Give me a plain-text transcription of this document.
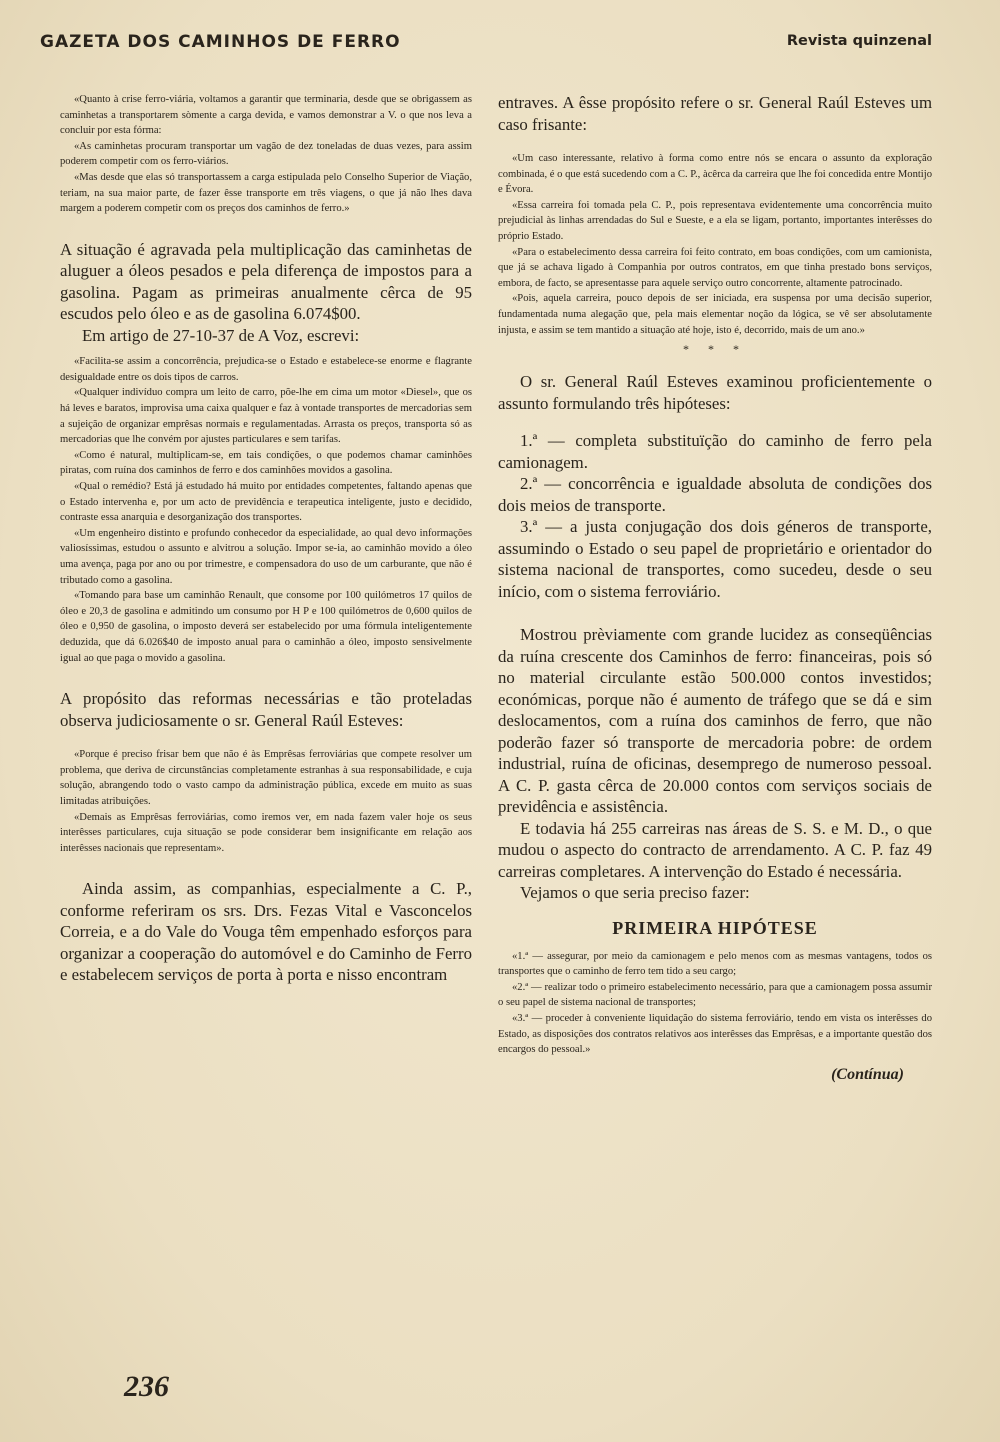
GAZETA DOS CAMINHOS DE FERRO	Revista quinzenal

«Quanto à crise ferro-viária, voltamos a garantir que terminaria, desde que se obrigassem as caminhetas a transportarem sòmente a carga devida, e vamos demonstrar a V. o que nos leva a concluir por esta fórma:

«As caminhetas procuram transportar um vagão de dez toneladas de duas vezes, para assim poderem competir com os ferro-viários.

«Mas desde que elas só transportassem a carga estipulada pelo Conselho Superior de Viação, teriam, na sua maior parte, de fazer êsse transporte em três viagens, o que já não lhes dava margem a poderem competir com os preços dos caminhos de ferro.»

A situação é agravada pela multiplicação das caminhetas de aluguer a óleos pesados e pela diferença de impostos para a gasolina. Pagam as primeiras anualmente cêrca de 95 escudos pelo óleo e as de gasolina 6.074$00.

Em artigo de 27-10-37 de A Voz, escrevi:

«Facilita-se assim a concorrência, prejudica-se o Estado e estabelece-se enorme e flagrante desigualdade entre os dois tipos de carros.

«Qualquer indivíduo compra um leito de carro, põe-lhe em cima um motor «Diesel», que os há leves e baratos, improvisa uma caixa qualquer e faz à vontade transportes de mercadorias sem a sujeição de organizar emprêsas normais e regulamentadas. Arrasta os preços, transporta só as mercadorias que lhe convém por ajustes particulares e sem tarifas.

«Como é natural, multiplicam-se, em tais condições, o que podemos chamar caminhões piratas, com ruína dos caminhos de ferro e dos caminhões movidos a gasolina.

«Qual o remédio? Está já estudado há muito por entidades competentes, faltando apenas que o Estado intervenha e, por um acto de previdência e terapeutica inteligente, justo e decidido, contraste essa anarquia e desorganização dos transportes.

«Um engenheiro distinto e profundo conhecedor da especialidade, ao qual devo informações valiosíssimas, estudou o assunto e alvitrou a solução. Impor se-ia, ao caminhão movido a óleo uma avença, paga por ano ou por trimestre, e compensadora do uso de um carburante, que não é tributado como a gasolina.

«Tomando para base um caminhão Renault, que consome por 100 quilómetros 17 quilos de óleo e 20,3 de gasolina e admitindo um consumo por H P e 100 quilómetros de 0,600 quilos de óleo e 0,950 de gasolina, o imposto deverá ser estabelecido por uma fórmula inteligentemente deduzida, que dá 6.026$40 de imposto anual para o caminhão a óleo, imposto sensivelmente igual ao que paga o movido a gasolina.

A propósito das reformas necessárias e tão proteladas observa judiciosamente o sr. General Raúl Esteves:

«Porque é preciso frisar bem que não é às Emprêsas ferroviárias que compete resolver um problema, que deriva de circunstâncias completamente estranhas à sua responsabilidade, e cuja solução, abrangendo todo o vasto campo da administração pública, excede em muito as suas limitadas atribuições.

«Demais as Emprêsas ferroviárias, como iremos ver, em nada fazem valer hoje os seus interêsses particulares, cuja situação se pode considerar bem insignificante em relação aos interêsses nacionais que representam».

Ainda assim, as companhias, especialmente a C. P., conforme referiram os srs. Drs. Fezas Vital e Vasconcelos Correia, e a do Vale do Vouga têm empenhado esforços para organizar a cooperação do automóvel e do Caminho de Ferro e estabelecem serviços de porta à porta e nisso encontram

entraves. A êsse propósito refere o sr. General Raúl Esteves um caso frisante:

«Um caso interessante, relativo à forma como entre nós se encara o assunto da exploração combinada, é o que está sucedendo com a C. P., àcêrca da carreira que lhe foi concedida entre Montijo e Évora.

«Essa carreira foi tomada pela C. P., pois representava evidentemente uma concorrência muito prejudicial às linhas arrendadas do Sul e Sueste, e a ela se ligam, portanto, importantes interêsses do próprio Estado.

«Para o estabelecimento dessa carreira foi feito contrato, em boas condições, com um camionista, que já se achava ligado à Companhia por outros contratos, em que tinha prestado bons serviços, embora, de facto, se apresentasse para aquele serviço outro concorrente, altamente patrocinado.

«Pois, aquela carreira, pouco depois de ser iniciada, era suspensa por uma decisão superior, fundamentada numa alegação que, pela mais elementar noção da lógica, se vê ser absolutamente injusta, e assim se tem mantido a situação até hoje, isto é, decorrido, mais de um ano.»

* * *

O sr. General Raúl Esteves examinou proficientemente o assunto formulando três hipóteses:

1.ª — completa substituïção do caminho de ferro pela camionagem.

2.ª — concorrência e igualdade absoluta de condições dos dois meios de transporte.

3.ª — a justa conjugação dos dois géneros de transporte, assumindo o Estado o seu papel de proprietário e orientador do sistema nacional de transportes, como sucedeu, desde o seu início, com o sistema ferroviário.

Mostrou prèviamente com grande lucidez as conseqüências da ruína crescente dos Caminhos de ferro: financeiras, pois só no material circulante estão 500.000 contos investidos; económicas, porque não é aumento de tráfego que se dá e sim deslocamentos, com a ruína dos caminhos de ferro, que não poderão fazer só transporte de mercadoria pobre: de ordem industrial, ruína de oficinas, desemprego de numeroso pessoal. A C. P. gasta cêrca de 20.000 contos com serviços sociais de previdência e assistência.

E todavia há 255 carreiras nas áreas de S. S. e M. D., o que mudou o aspecto do contracto de arrendamento. A C. P. faz 49 carreiras completares. A intervenção do Estado é necessária.

Vejamos o que seria preciso fazer:

PRIMEIRA HIPÓTESE

«1.ª — assegurar, por meio da camionagem e pelo menos com as mesmas vantagens, todos os transportes que o caminho de ferro tem tido a seu cargo;

«2.ª — realizar todo o primeiro estabelecimento necessário, para que a camionagem possa assumir o seu papel de sistema nacional de transportes;

«3.ª — proceder à conveniente liquidação do sistema ferroviário, tendo em vista os interêsses do Estado, as disposições dos contratos relativos aos interêsses das Emprêsas, e a importante questão dos encargos do pessoal.»

(Contínua)
236
